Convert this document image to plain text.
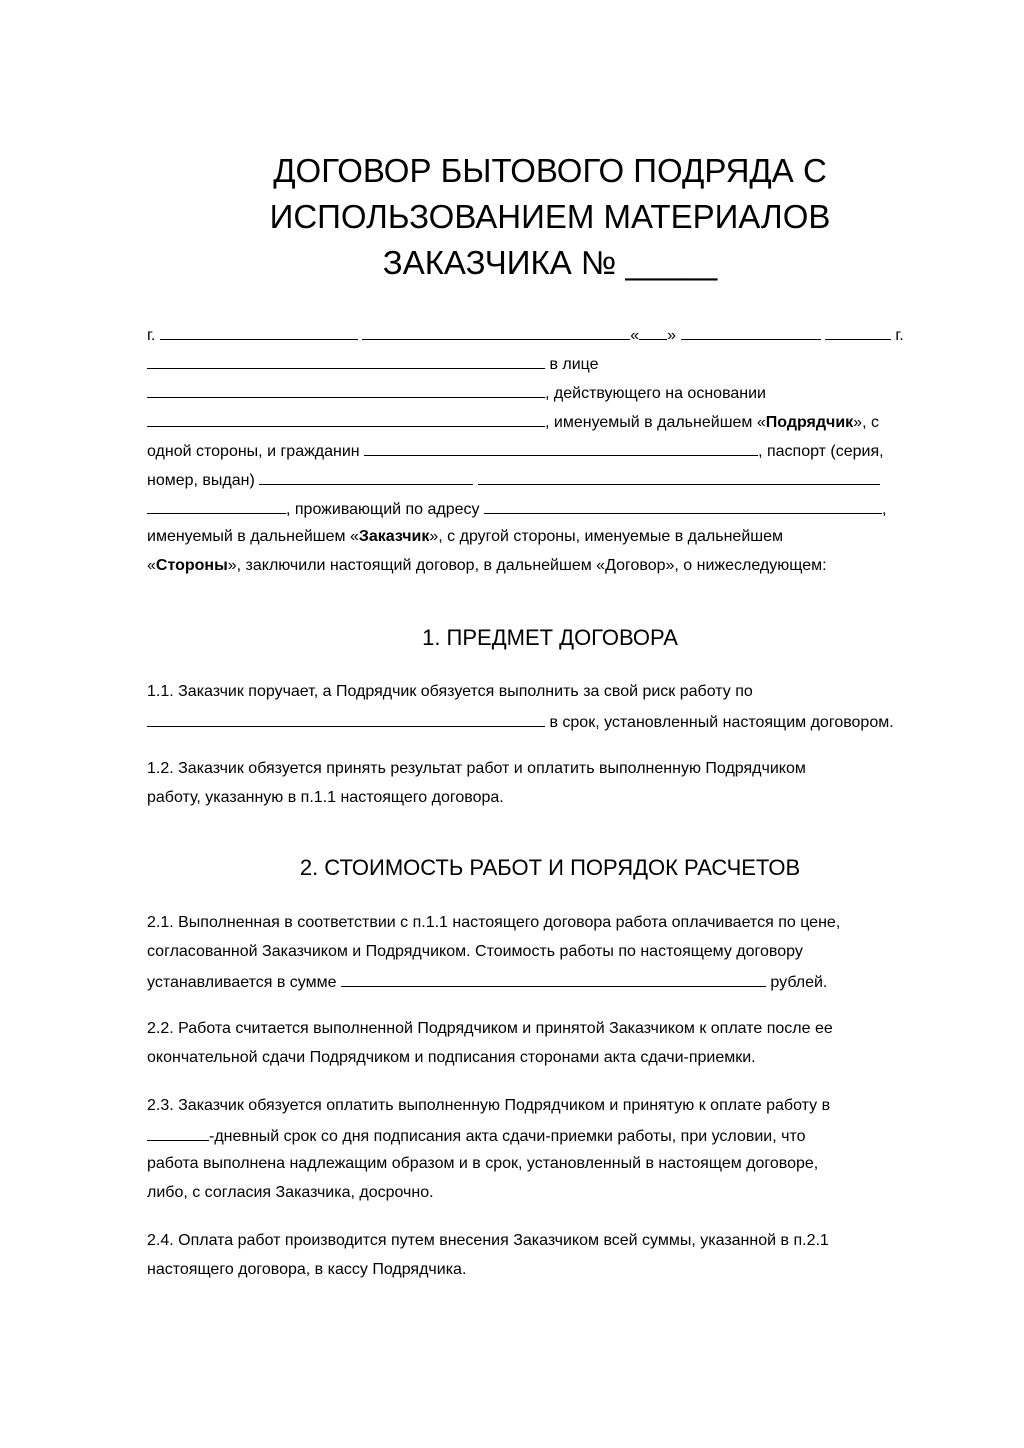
ДОГОВОР БЫТОВОГО ПОДРЯДА С
ИСПОЛЬЗОВАНИЕМ МАТЕРИАЛОВ
ЗАКАЗЧИКА № _____

г.	« »	г.

в лице

, действующего на основании

, именуемый в дальнейшем «Подрядчик», с

одной стороны, и гражданин	, паспорт (серия,

номер, выдан)

, проживающий по адресу	,

именуемый в дальнейшем «Заказчик», с другой стороны, именуемые в дальнейшем

«Стороны», заключили настоящий договор, в дальнейшем «Договор», о нижеследующем:

1. ПРЕДМЕТ ДОГОВОРА

1.1. Заказчик поручает, а Подрядчик обязуется выполнить за свой риск работу по

в срок, установленный настоящим договором.

1.2. Заказчик обязуется принять результат работ и оплатить выполненную Подрядчиком

работу, указанную в п.1.1 настоящего договора.

2. СТОИМОСТЬ РАБОТ И ПОРЯДОК РАСЧЕТОВ

2.1. Выполненная в соответствии с п.1.1 настоящего договора работа оплачивается по цене,

согласованной Заказчиком и Подрядчиком. Стоимость работы по настоящему договору

устанавливается в сумме	рублей.

2.2. Работа считается выполненной Подрядчиком и принятой Заказчиком к оплате после ее

окончательной сдачи Подрядчиком и подписания сторонами акта сдачи-приемки.

2.3. Заказчик обязуется оплатить выполненную Подрядчиком и принятую к оплате работу в

-дневный срок со дня подписания акта сдачи-приемки работы, при условии, что

работа выполнена надлежащим образом и в срок, установленный в настоящем договоре,

либо, с согласия Заказчика, досрочно.

2.4. Оплата работ производится путем внесения Заказчиком всей суммы, указанной в п.2.1

настоящего договора, в кассу Подрядчика.
